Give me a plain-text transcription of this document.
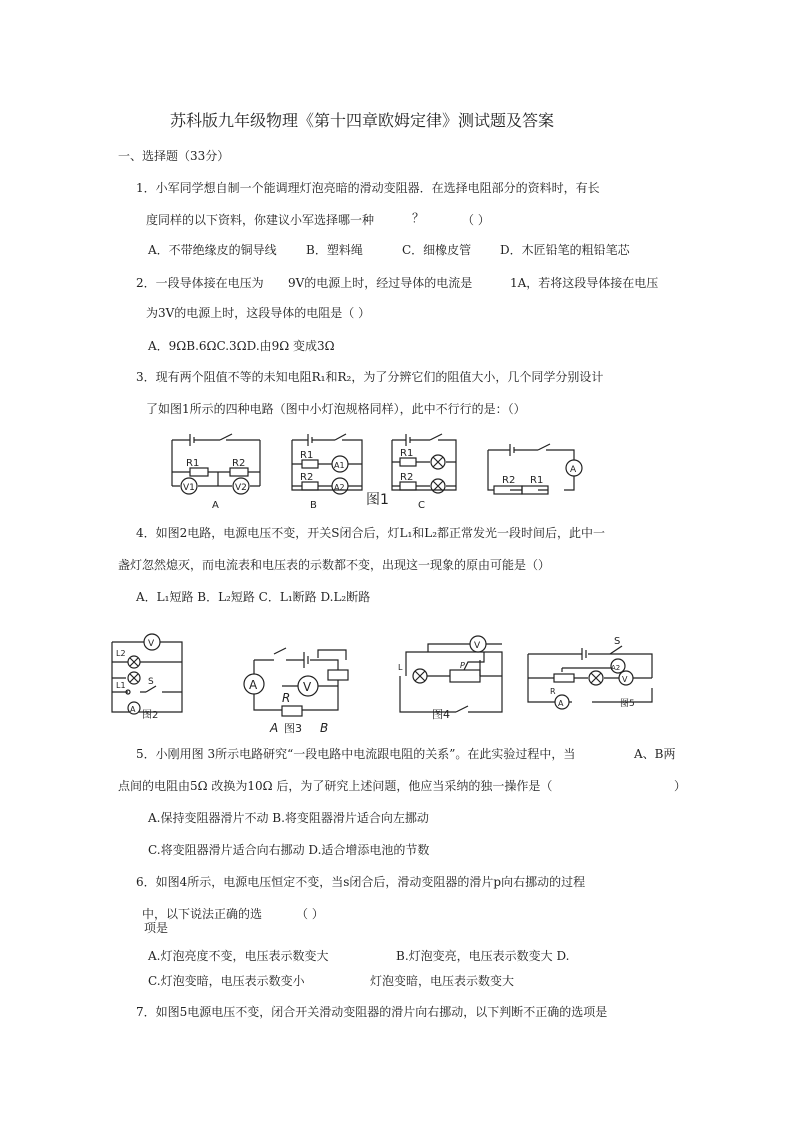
苏科版九年级物理《第十四章欧姆定律》测试题及答案
一、选择题（33分）
1．小军同学想自制一个能调理灯泡亮暗的滑动变阻器．在选择电阻部分的资料时，有长
度同样的以下资料，你建议小军选择哪一种	？	（ ）
A．不带绝缘皮的铜导线 B．塑料绳	C．细橡皮管 D．木匠铅笔的粗铅笔芯
2．一段导体接在电压为 9V的电源上时，经过导体的电流是	1A，若将这段导体接在电压
为3V的电源上时，这段导体的电阻是（ ）
A．9ΩB.6ΩC.3ΩD.由9Ω 变成3Ω
3．现有两个阻值不等的未知电阻R₁和R₂，为了分辨它们的阻值大小，几个同学分别设计
了如图1所示的四种电路（图中小灯泡规格同样），此中不行行的是：（）
R1	R2
V1	V2
A
R1
R2
A1
A2
图1
B
R1
R2
C
R2 R1
A
4．如图2电路，电源电压不变，开关S闭合后，灯L₁和L₂都正常发光一段时间后，此中一
盏灯忽然熄灭，而电流表和电压表的示数都不变，出现这一现象的原由可能是（）
A．L₁短路 B．L₂短路 C．L₁断路 D.L₂断路
V
L2
L1 S
A
图2
A	V
R
A 图3 B
V
L	P
图4
S
A2
V
R
A	图5
5．小刚用图 3所示电路研究“一段电路中电流跟电阻的关系”。在此实验过程中，当	A、B两
点间的电阻由5Ω 改换为10Ω 后，为了研究上述问题，他应当采纳的独一操作是（	）
A.保持变阻器滑片不动 B.将变阻器滑片适合向左挪动
C.将变阻器滑片适合向右挪动 D.适合增添电池的节数
6．如图4所示，电源电压恒定不变，当s闭合后，滑动变阻器的滑片p向右挪动的过程
中，以下说法正确的选	（ ）
项是
A.灯泡亮度不变，电压表示数变大	B.灯泡变亮，电压表示数变大 D.
C.灯泡变暗，电压表示数变小	灯泡变暗，电压表示数变大
7．如图5电源电压不变，闭合开关滑动变阻器的滑片向右挪动，以下判断不正确的选项是
